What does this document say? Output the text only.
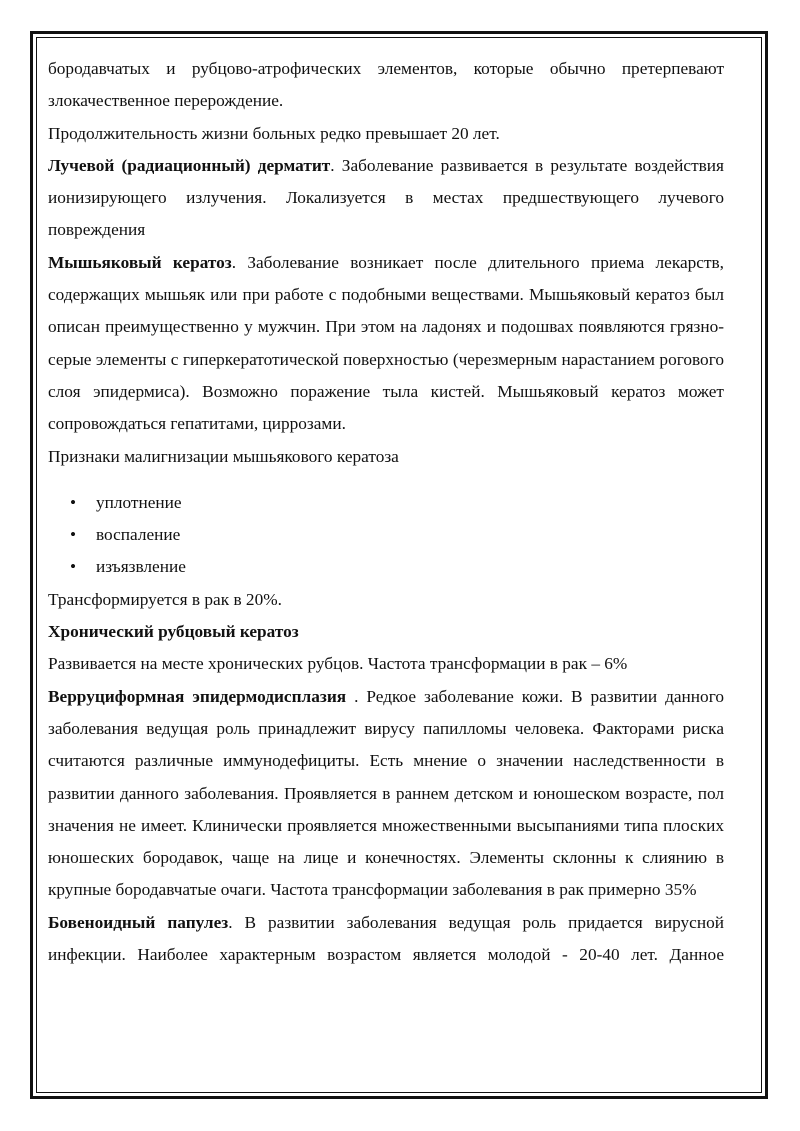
бородавчатых и рубцово-атрофических элементов, которые обычно претерпевают злокачественное перерождение.

Продолжительность жизни больных редко превышает 20 лет.

Лучевой (радиационный) дерматит. Заболевание развивается в результате воздействия ионизирующего излучения. Локализуется в местах предшествующего лучевого повреждения

Мышьяковый кератоз. Заболевание возникает после длительного приема лекарств, содержащих мышьяк или при работе с подобными веществами. Мышьяковый кератоз был описан преимущественно у мужчин. При этом на ладонях и подошвах появляются грязно-серые элементы с гиперкератотической поверхностью (черезмерным нарастанием рогового слоя эпидермиса). Возможно поражение тыла кистей. Мышьяковый кератоз может сопровождаться гепатитами, циррозами.

Признаки малигнизации мышьякового кератоза

• уплотнение
• воспаление
• изъязвление

Трансформируется в рак в 20%.

Хронический рубцовый кератоз

Развивается на месте хронических рубцов. Частота трансформации в рак – 6%

Верруциформная эпидермодисплазия . Редкое заболевание кожи. В развитии данного заболевания ведущая роль принадлежит вирусу папилломы человека. Факторами риска считаются различные иммунодефициты. Есть мнение о значении наследственности в развитии данного заболевания. Проявляется в раннем детском и юношеском возрасте, пол значения не имеет. Клинически проявляется множественными высыпаниями типа плоских юношеских бородавок, чаще на лице и конечностях. Элементы склонны к слиянию в крупные бородавчатые очаги. Частота трансформации заболевания в рак примерно 35%

Бовеноидный папулез. В развитии заболевания ведущая роль придается вирусной инфекции. Наиболее характерным возрастом является молодой - 20-40 лет. Данное
